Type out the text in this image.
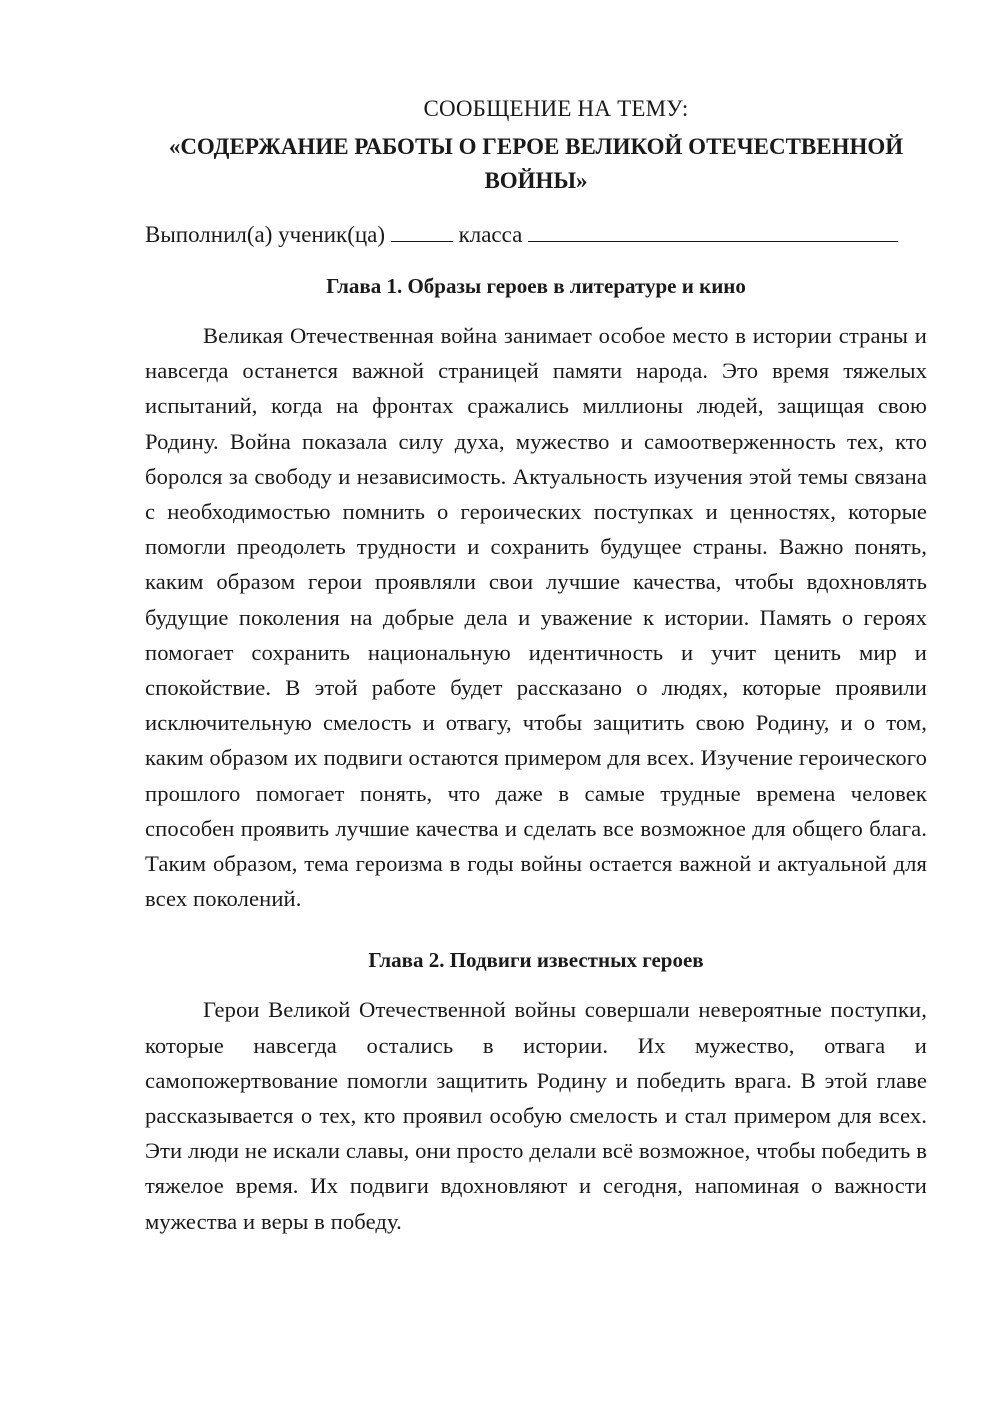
СООБЩЕНИЕ НА ТЕМУ:

«СОДЕРЖАНИЕ РАБОТЫ О ГЕРОЕ ВЕЛИКОЙ ОТЕЧЕСТВЕННОЙ ВОЙНЫ»

Выполнил(а) ученик(ца)	класса

Глава 1. Образы героев в литературе и кино

Великая Отечественная война занимает особое место в истории страны и навсегда останется важной страницей памяти народа. Это время тяжелых испытаний, когда на фронтах сражались миллионы людей, защищая свою Родину. Война показала силу духа, мужество и самоотверженность тех, кто боролся за свободу и независимость. Актуальность изучения этой темы связана с необходимостью помнить о героических поступках и ценностях, которые помогли преодолеть трудности и сохранить будущее страны. Важно понять, каким образом герои проявляли свои лучшие качества, чтобы вдохновлять будущие поколения на добрые дела и уважение к истории. Память о героях помогает сохранить национальную идентичность и учит ценить мир и спокойствие. В этой работе будет рассказано о людях, которые проявили исключительную смелость и отвагу, чтобы защитить свою Родину, и о том, каким образом их подвиги остаются примером для всех. Изучение героического прошлого помогает понять, что даже в самые трудные времена человек способен проявить лучшие качества и сделать все возможное для общего блага. Таким образом, тема героизма в годы войны остается важной и актуальной для всех поколений.

Глава 2. Подвиги известных героев

Герои Великой Отечественной войны совершали невероятные поступки, которые навсегда остались в истории. Их мужество, отвага и самопожертвование помогли защитить Родину и победить врага. В этой главе рассказывается о тех, кто проявил особую смелость и стал примером для всех. Эти люди не искали славы, они просто делали всё возможное, чтобы победить в тяжелое время. Их подвиги вдохновляют и сегодня, напоминая о важности мужества и веры в победу.
